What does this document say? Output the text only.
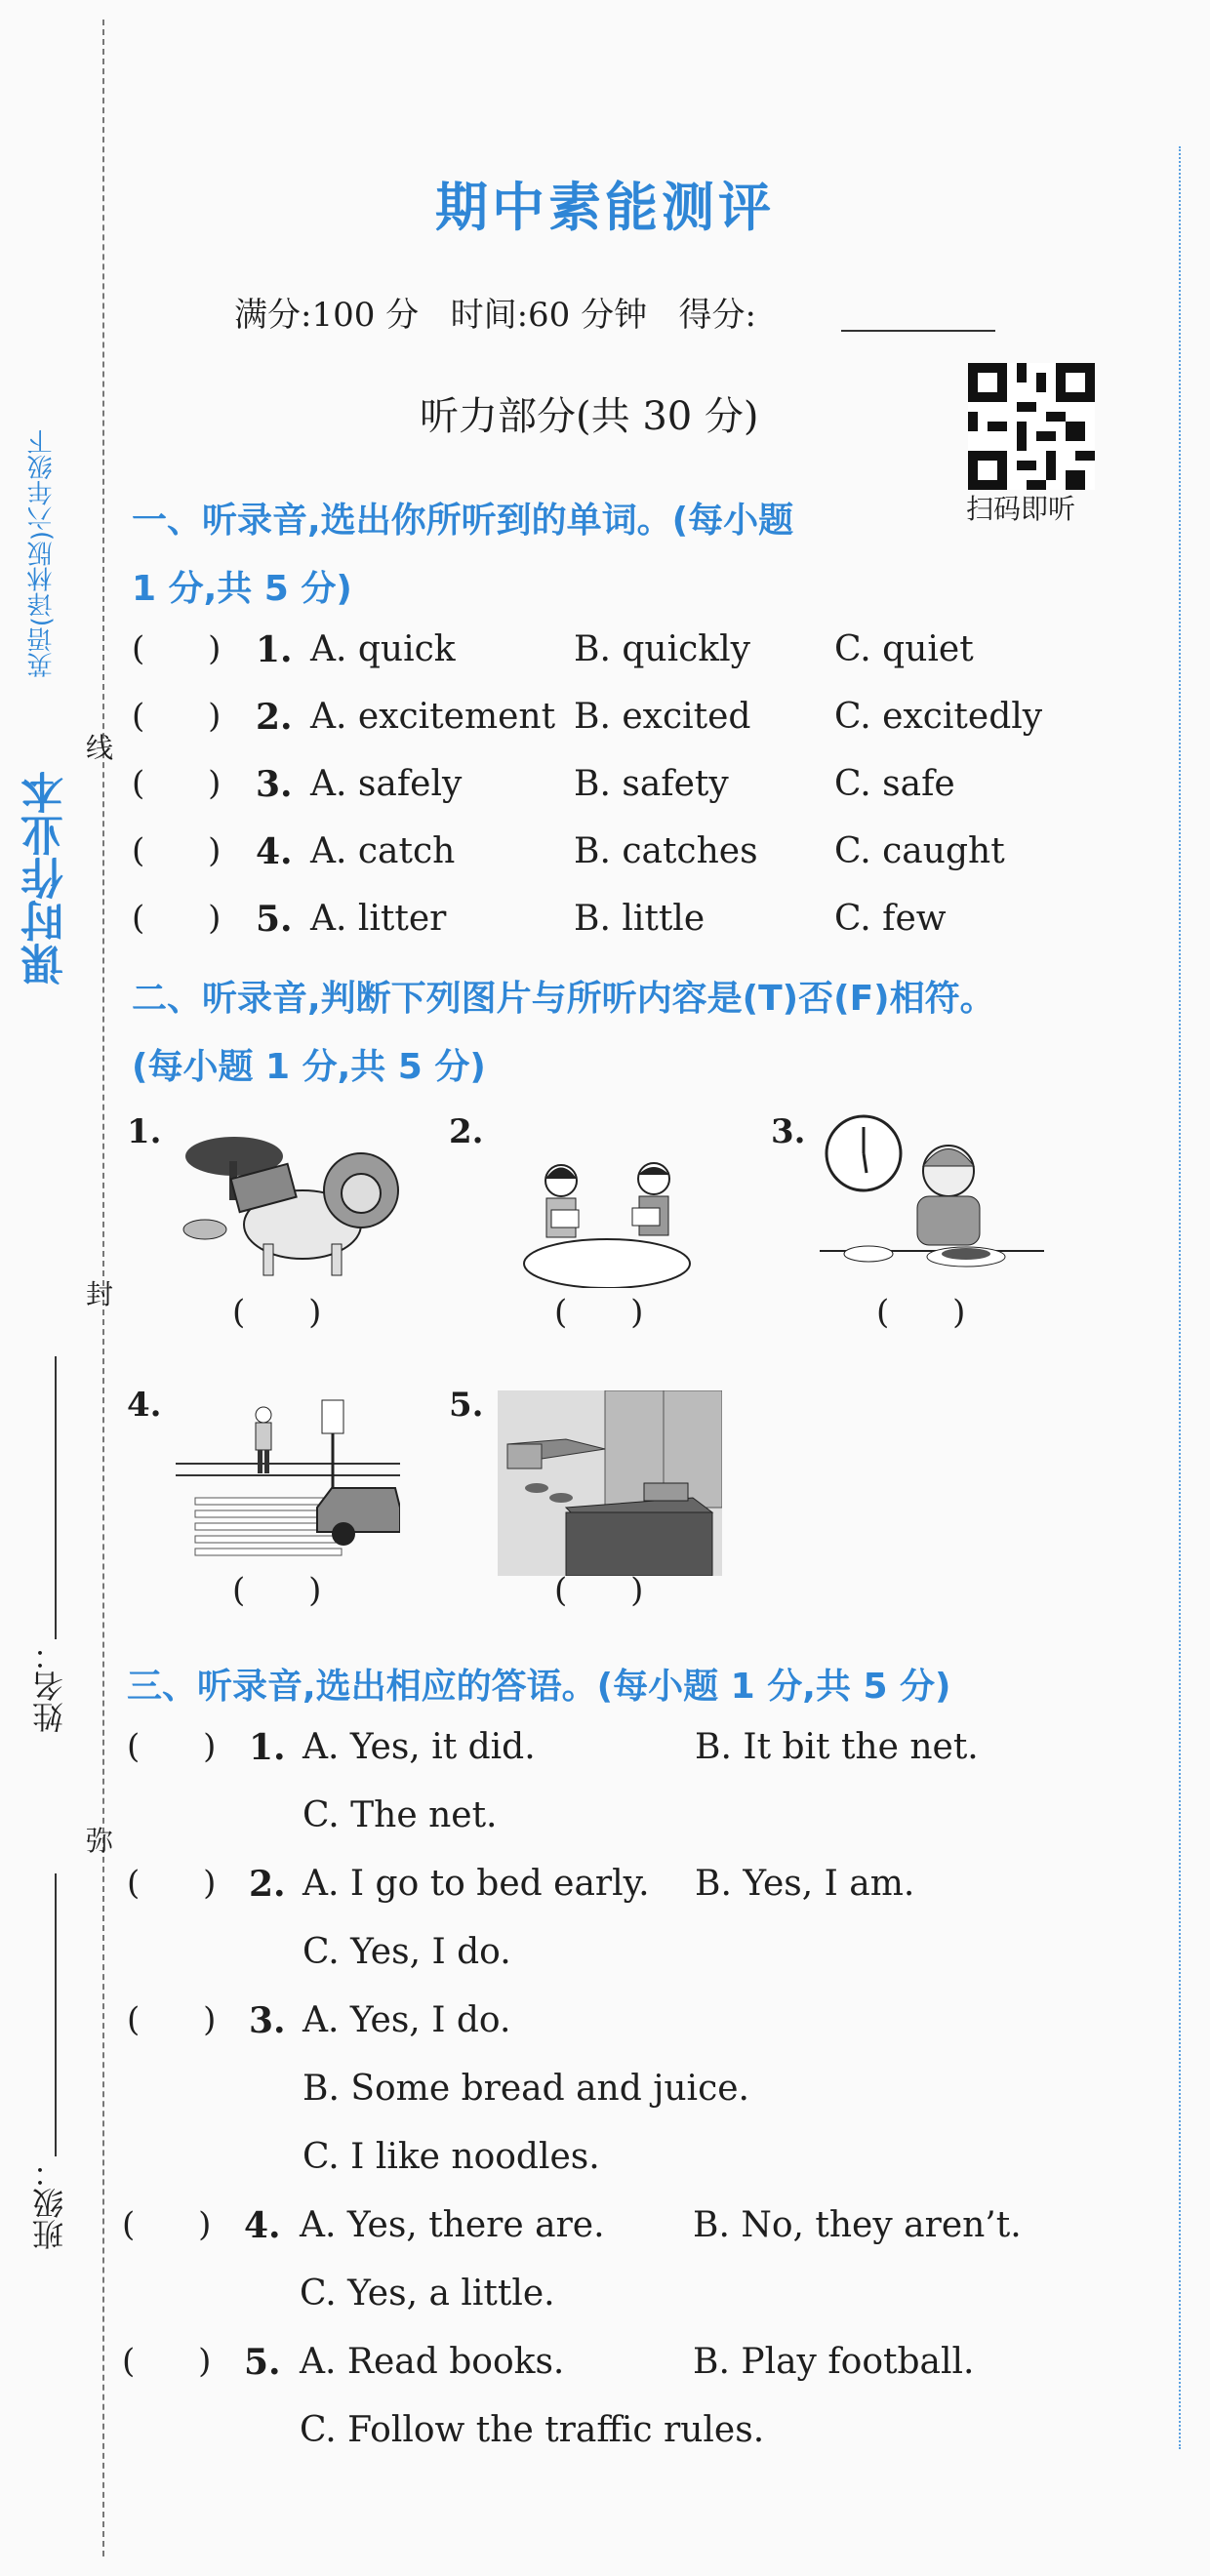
课时作业本
英语(译林版)六年级下
线
封
弥
姓名：
班级：
期中素能测评
满分:100 分   时间:60 分钟   得分:
听力部分(共 30 分)
扫码即听
一、听录音,选出你所听到的单词。(每小题
1 分,共 5 分)
(      ) 1. A. quick	B. quickly C. quiet
(      ) 2. A. excitement B. excited C. excitedly
(      ) 3. A. safely	B. safety	C. safe
(      ) 4. A. catch	B. catches C. caught
(      ) 5. A. litter	B. little	C. few
二、听录音,判断下列图片与所听内容是(T)否(F)相符。
(每小题 1 分,共 5 分)
1.
(      )
2.
(      )
3.
(      )
4.
(      )
5.
(      )
三、听录音,选出相应的答语。(每小题 1 分,共 5 分)
(      ) 1. A. Yes, it did.	B. It bit the net.
C. The net.
(      ) 2. A. I go to bed early. B. Yes, I am.
C. Yes, I do.
(      ) 3. A. Yes, I do.
B. Some bread and juice.
C. I like noodles.
(      ) 4. A. Yes, there are.	B. No, they aren’t.
C. Yes, a little.
(      ) 5. A. Read books.	B. Play football.
C. Follow the traffic rules.
